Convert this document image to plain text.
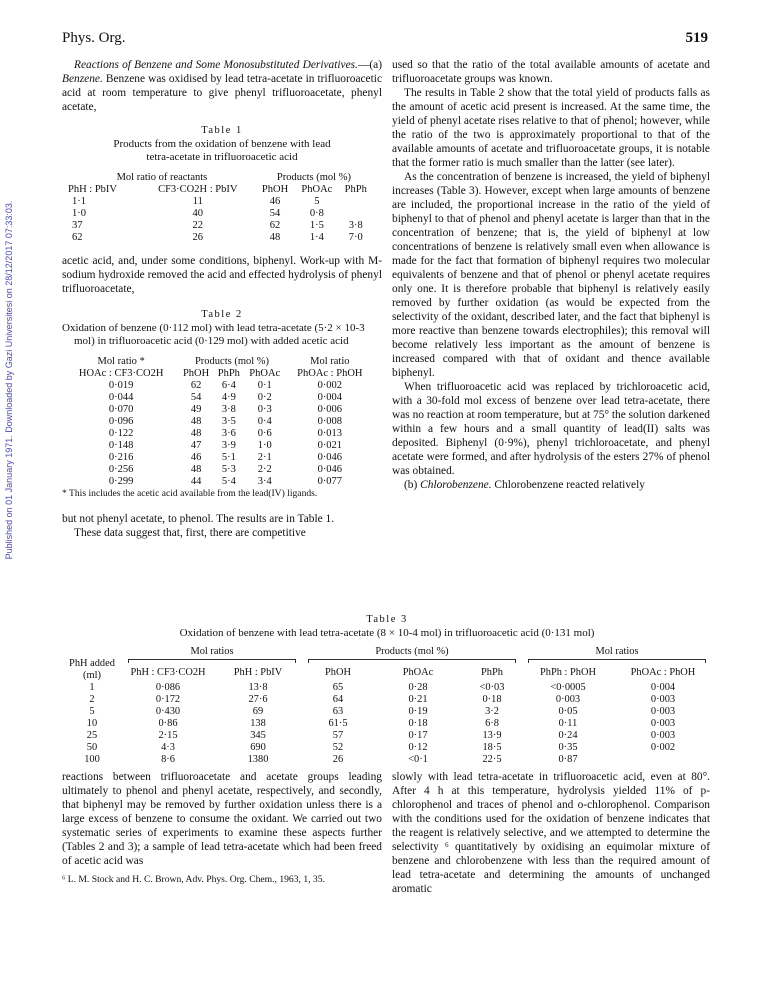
Published on 01 January 1971. Downloaded by Gazi Universitesi on 28/12/2017 07:33:03.
Phys. Org.	519

Reactions of Benzene and Some Monosubstituted Derivatives.—(a) Benzene. Benzene was oxidised by lead tetra-acetate in trifluoroacetic acid at room temperature to give phenyl trifluoroacetate, phenyl acetate,

Table 1

Products from the oxidation of benzene with lead tetra-acetate in trifluoroacetic acid

Mol ratio of reactants		Products (mol %)		
PhH : PbIV	CF3·CO2H : PbIV	PhOH	PhOAc	PhPh
1·1	11	46	5	
1·0	40	54	0·8	
37	22	62	1·5	3·8
62	26	48	1·4	7·0

acetic acid, and, under some conditions, biphenyl. Work-up with M-sodium hydroxide removed the acid and effected hydrolysis of phenyl trifluoroacetate,

Table 2

Oxidation of benzene (0·112 mol) with lead tetra-acetate (5·2 × 10-3 mol) in trifluoroacetic acid (0·129 mol) with added acetic acid

Mol ratio *	Products (mol %)			Mol ratio
HOAc : CF3·CO2H	PhOH	PhPh	PhOAc	PhOAc : PhOH
0·019	62	6·4	0·1	0·002
0·044	54	4·9	0·2	0·004
0·070	49	3·8	0·3	0·006
0·096	48	3·5	0·4	0·008
0·122	48	3·6	0·6	0·013
0·148	47	3·9	1·0	0·021
0·216	46	5·1	2·1	0·046
0·256	48	5·3	2·2	0·046
0·299	44	5·4	3·4	0·077

* This includes the acetic acid available from the lead(IV) ligands.

but not phenyl acetate, to phenol. The results are in Table 1.

These data suggest that, first, there are competitive

used so that the ratio of the total available amounts of acetate and trifluoroacetate groups was known.

The results in Table 2 show that the total yield of products falls as the amount of acetic acid present is increased. At the same time, the yield of phenyl acetate rises relative to that of phenol; however, while the ratio of the two is approximately proportional to that of the available amounts of acetate and trifluoroacetate groups, it is notable that the former ratio is much smaller than the latter (see later).

As the concentration of benzene is increased, the yield of biphenyl increases (Table 3). However, except when large amounts of benzene are included, the proportional increase in the ratio of the yield of biphenyl to that of phenol and phenyl acetate is larger than that in the concentration of benzene; that is, the yield of biphenyl at low concentrations of benzene is relatively small even when allowance is made for the fact that formation of biphenyl requires two molecular equivalents of benzene and that of phenol or phenyl acetate requires only one. It is therefore probable that biphenyl is relatively easily removed by further oxidation (as would be expected from the selectivity of the oxidant, described later, and the fact that biphenyl is more reactive than benzene towards electrophiles); this removal will become relatively less important as the amount of benzene is increased compared with that of oxidant and thence available biphenyl.

When trifluoroacetic acid was replaced by trichloroacetic acid, with a 30-fold mol excess of benzene over lead tetra-acetate, there was no reaction at room temperature, but at 75° the solution darkened within a few hours and a small quantity of lead(II) salts was deposited. Biphenyl (0·9%), phenyl trichloroacetate, and phenyl acetate were formed, and after hydrolysis of the esters 27% of phenol was obtained.

(b) Chlorobenzene. Chlorobenzene reacted relatively

Table 3

Oxidation of benzene with lead tetra-acetate (8 × 10-4 mol) in trifluoroacetic acid (0·131 mol)

	Mol ratios		Products (mol %)			Mol ratios	
PhH added (ml)					

	PhH : CF3·CO2H	PhH : PbIV	PhOH	PhOAc	PhPh	PhPh : PhOH	PhOAc : PhOH
1	0·086	13·8	65	0·28	<0·03	<0·0005	0·004
2	0·172	27·6	64	0·21	0·18	0·003	0·003
5	0·430	69	63	0·19	3·2	0·05	0·003
10	0·86	138	61·5	0·18	6·8	0·11	0·003
25	2·15	345	57	0·17	13·9	0·24	0·003
50	4·3	690	52	0·12	18·5	0·35	0·002
100	8·6	1380	26	<0·1	22·5	0·87	

reactions between trifluoroacetate and acetate groups leading ultimately to phenol and phenyl acetate, respectively, and secondly, that biphenyl may be removed by further oxidation unless there is a large excess of benzene to consume the oxidant. We carried out two systematic series of experiments to examine these aspects further (Tables 2 and 3); a sample of lead tetra-acetate which had been freed of acetic acid was

⁶ L. M. Stock and H. C. Brown, Adv. Phys. Org. Chem., 1963, 1, 35.

slowly with lead tetra-acetate in trifluoroacetic acid, even at 80°. After 4 h at this temperature, hydrolysis yielded 11% of p-chlorophenol and traces of phenol and o-chlorophenol. Comparison with the conditions used for the oxidation of benzene indicates that the reagent is relatively selective, and we attempted to determine the selectivity ⁶ quantitatively by oxidising an equimolar mixture of benzene and chlorobenzene with less than the required amount of lead tetra-acetate and determining the amounts of unchanged aromatic
